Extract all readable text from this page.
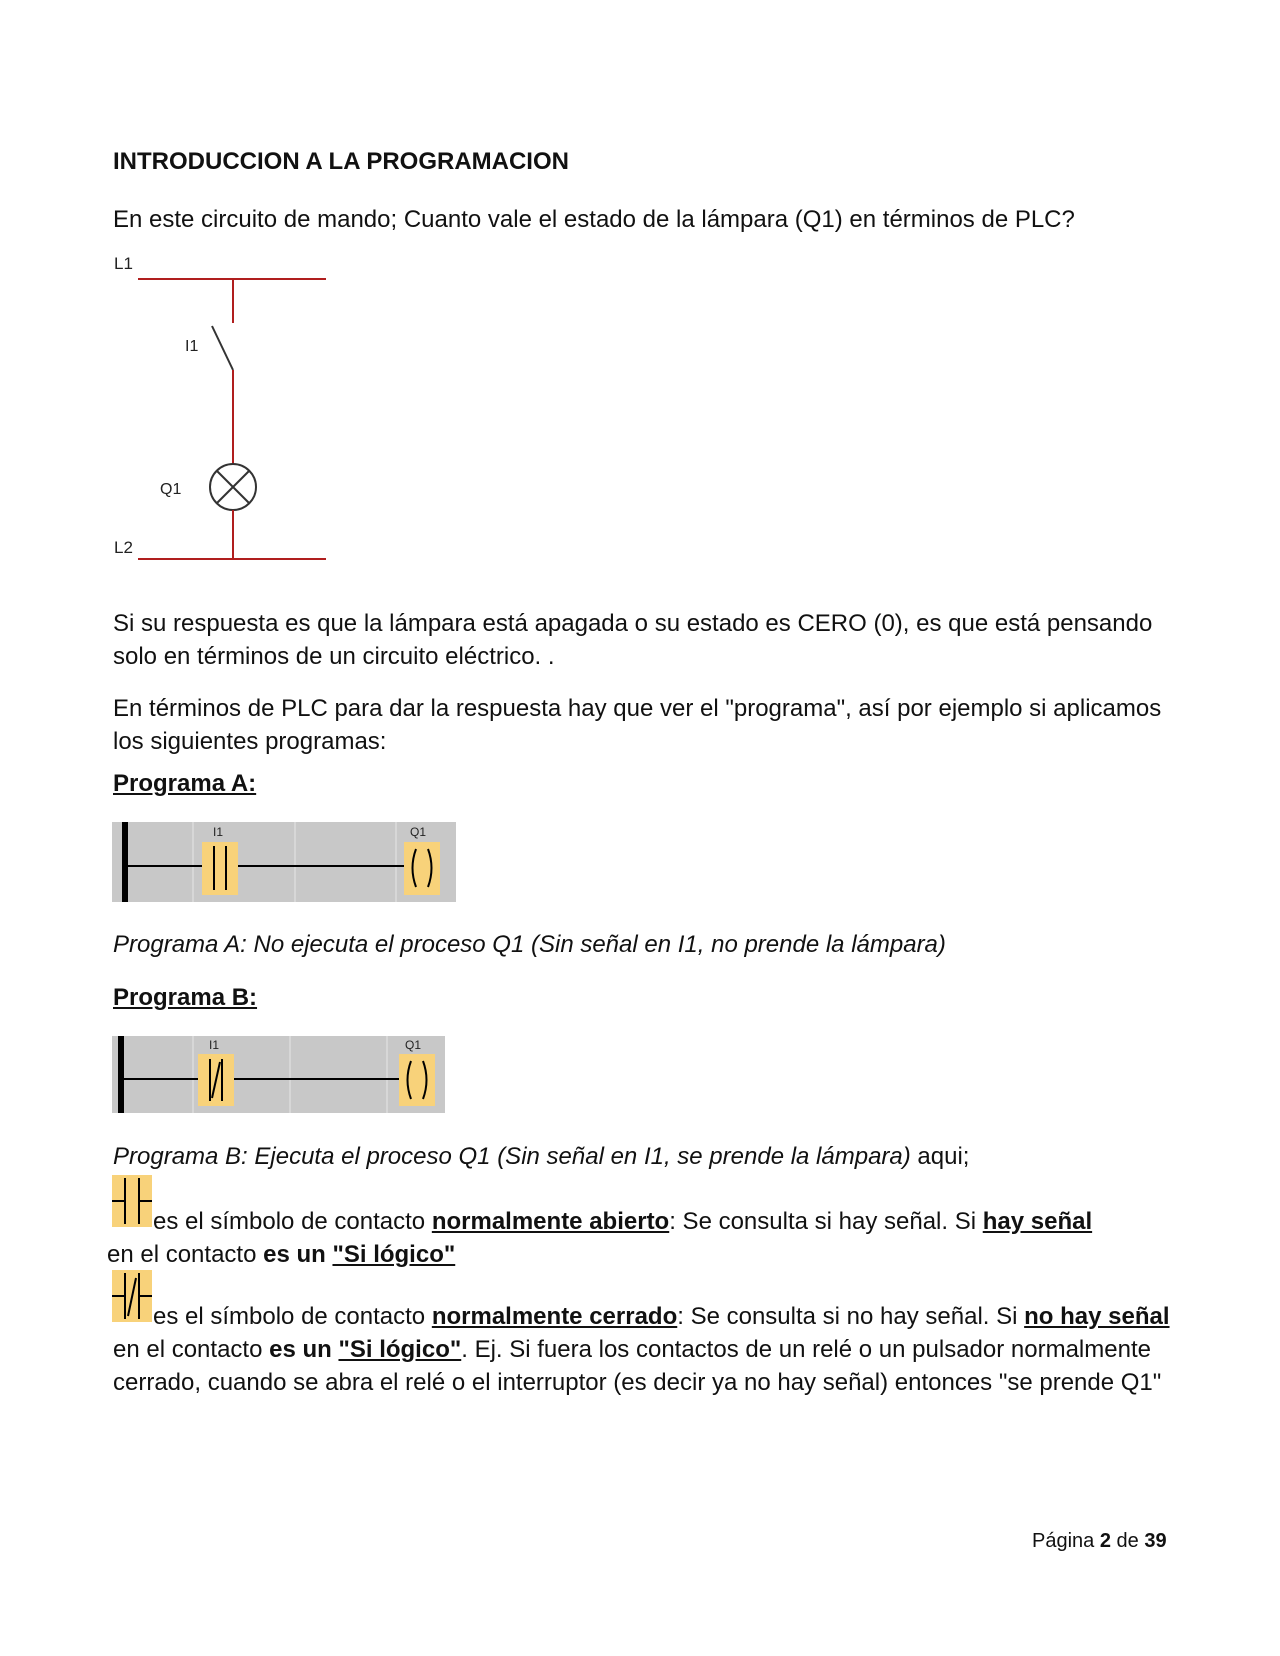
INTRODUCCION A LA PROGRAMACION

En este circuito de mando; Cuanto vale el estado de la lámpara (Q1) en términos de PLC?

L1
I1
Q1
L2

Si su respuesta es que la lámpara está apagada o su estado es CERO (0), es que está pensando solo en términos de un circuito eléctrico. .

En términos de PLC para dar la respuesta hay que ver el "programa", así por ejemplo si aplicamos los siguientes programas:

Programa A:

I1	Q1

Programa A: No ejecuta el proceso Q1 (Sin señal en I1, no prende la lámpara)

Programa B:

I1	Q1

Programa B: Ejecuta el proceso Q1 (Sin señal en I1, se prende la lámpara) aqui;

es el símbolo de contacto normalmente abierto: Se consulta si hay señal. Si hay señal

en el contacto es un "Si lógico"

es el símbolo de contacto normalmente cerrado: Se consulta si no hay señal. Si no hay señal en el contacto es un "Si lógico". Ej. Si fuera los contactos de un relé o un pulsador normalmente cerrado, cuando se abra el relé o el interruptor (es decir ya no hay señal) entonces "se prende Q1"
Página 2 de 39
